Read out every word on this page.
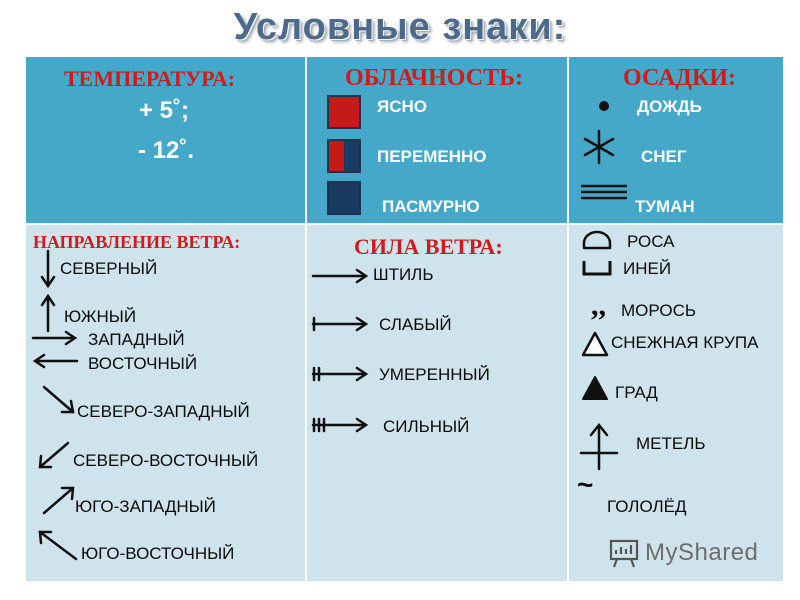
Условные знаки:
ТЕМПЕРАТУРА:
+ 5˚;
- 12˚.
ОБЛАЧНОСТЬ:
ЯСНО
ПЕРЕМЕННО
ПАСМУРНО
ОСАДКИ:
ДОЖДЬ
СНЕГ
ТУМАН
НАПРАВЛЕНИЕ ВЕТРА:
СЕВЕРНЫЙ
ЮЖНЫЙ
ЗАПАДНЫЙ
ВОСТОЧНЫЙ
СЕВЕРО-ЗАПАДНЫЙ
СЕВЕРО-ВОСТОЧНЫЙ
ЮГО-ЗАПАДНЫЙ
ЮГО-ВОСТОЧНЫЙ
СИЛА ВЕТРА:
ШТИЛЬ
СЛАБЫЙ
УМЕРЕННЫЙ
СИЛЬНЫЙ
РОСА
ИНЕЙ
,, МОРОСЬ
СНЕЖНАЯ КРУПА
ГРАД
МЕТЕЛЬ
~
ГОЛОЛЁД
MyShared
